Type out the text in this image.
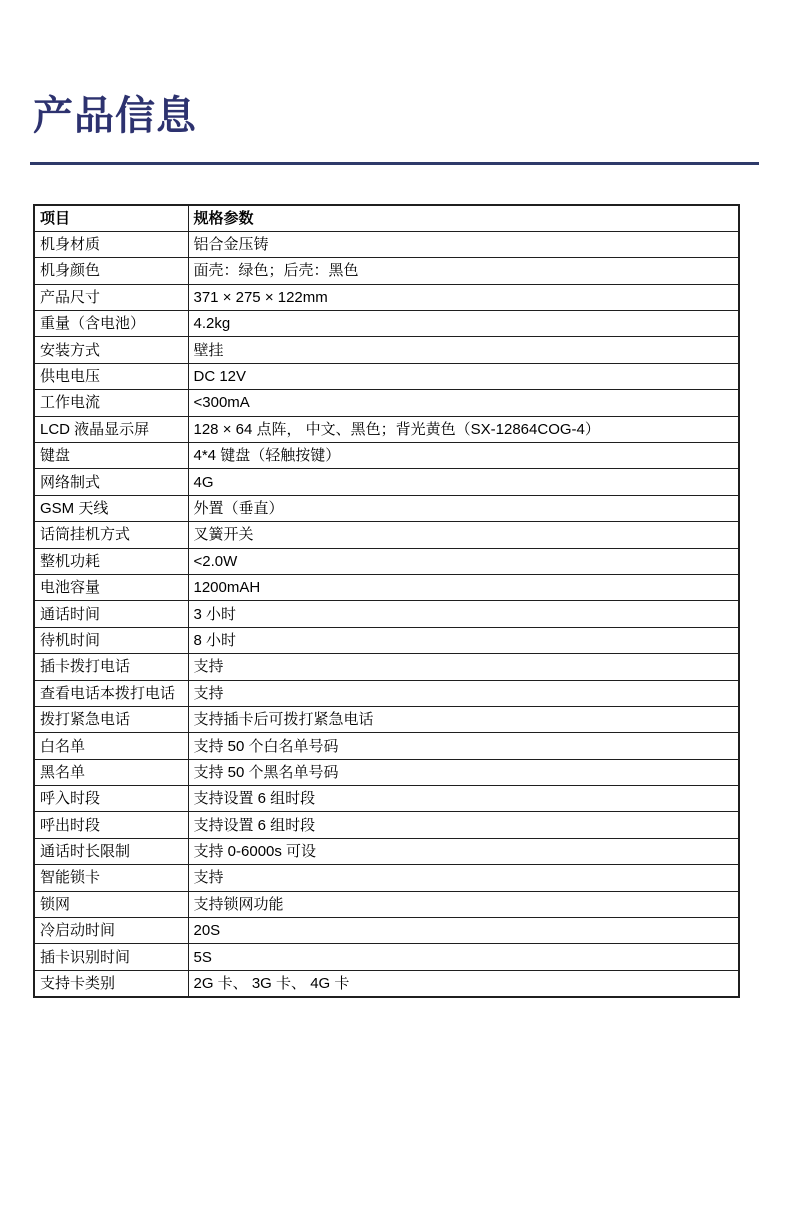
产品信息
项目	规格参数
机身材质	铝合金压铸
机身颜色	面壳：绿色；后壳：黑色
产品尺寸	371 × 275 × 122mm
重量（含电池）	4.2kg
安装方式	壁挂
供电电压	DC 12V
工作电流	<300mA
LCD 液晶显示屏	128 × 64 点阵， 中文、黑色；背光黄色（SX-12864COG-4）
键盘	4*4 键盘（轻触按键）
网络制式	4G
GSM 天线	外置（垂直）
话筒挂机方式	叉簧开关
整机功耗	<2.0W
电池容量	1200mAH
通话时间	3 小时
待机时间	8 小时
插卡拨打电话	支持
查看电话本拨打电话	支持
拨打紧急电话	支持插卡后可拨打紧急电话
白名单	支持 50 个白名单号码
黑名单	支持 50 个黑名单号码
呼入时段	支持设置 6 组时段
呼出时段	支持设置 6 组时段
通话时长限制	支持 0-6000s 可设
智能锁卡	支持
锁网	支持锁网功能
冷启动时间	20S
插卡识别时间	5S
支持卡类别	2G 卡、 3G 卡、 4G 卡
